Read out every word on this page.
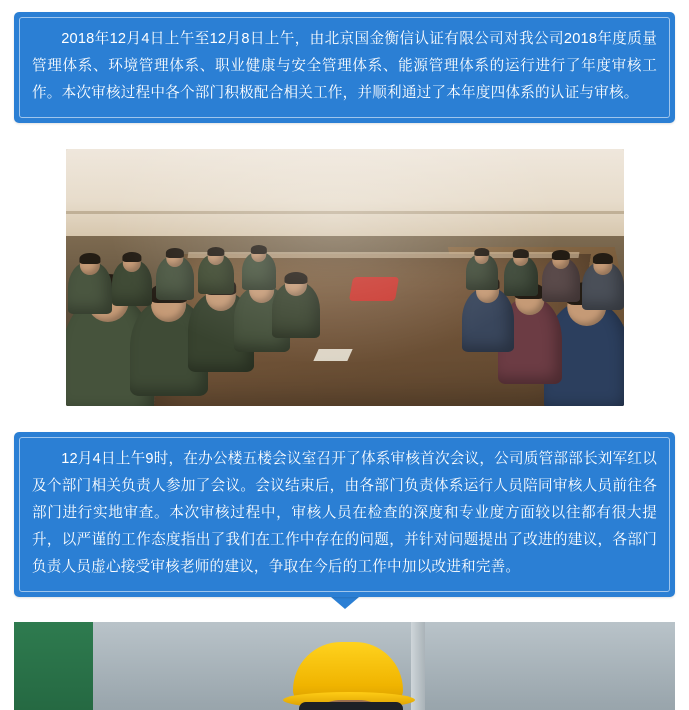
2018年12月4日上午至12月8日上午，由北京国金衡信认证有限公司对我公司2018年度质量管理体系、环境管理体系、职业健康与安全管理体系、能源管理体系的运行进行了年度审核工作。本次审核过程中各个部门积极配合相关工作，并顺利通过了本年度四体系的认证与审核。

12月4日上午9时，在办公楼五楼会议室召开了体系审核首次会议，公司质管部部长刘军红以及个部门相关负责人参加了会议。会议结束后，由各部门负责体系运行人员陪同审核人员前往各部门进行实地审查。本次审核过程中，审核人员在检查的深度和专业度方面较以往都有很大提升，以严谨的工作态度指出了我们在工作中存在的问题，并针对问题提出了改进的建议，各部门负责人员虚心接受审核老师的建议，争取在今后的工作中加以改进和完善。
